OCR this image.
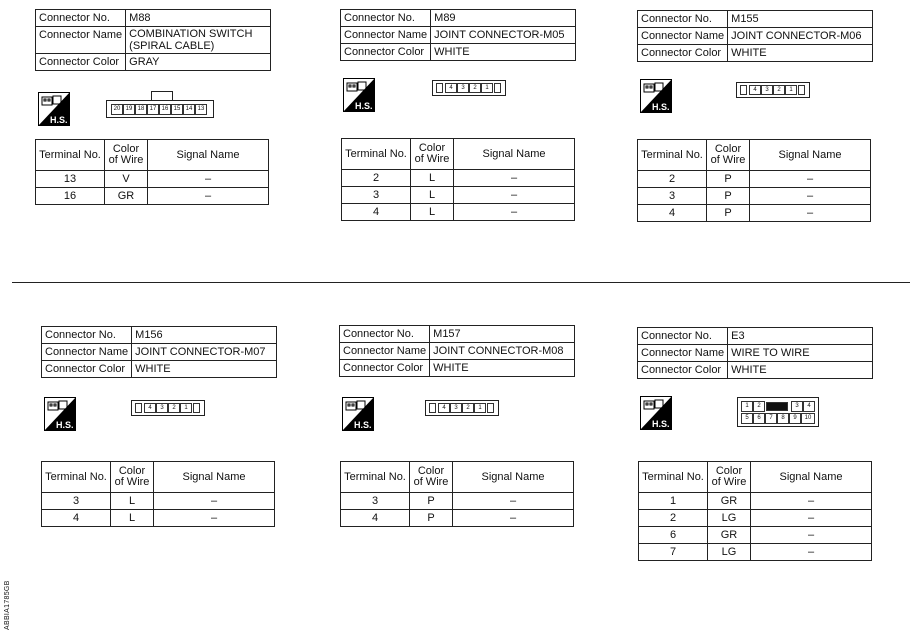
Connector No.	M88
Connector Name	COMBINATION SWITCH (SPIRAL CABLE)
Connector Color	GRAY
H.S.
20 19 18 17 16 15 14 13
Terminal No.	Color of Wire	Signal Name
13	V	–
16	GR	–
Connector No.	M89
Connector Name	JOINT CONNECTOR-M05
Connector Color	WHITE
H.S.
4	3	2	1
Terminal No.	Color of Wire	Signal Name
2	L	–
3	L	–
4	L	–
Connector No.	M155
Connector Name	JOINT CONNECTOR-M06
Connector Color	WHITE
H.S.
4	3	2	1
Terminal No.	Color of Wire	Signal Name
2	P	–
3	P	–
4	P	–
Connector No.	M156
Connector Name	JOINT CONNECTOR-M07
Connector Color	WHITE
H.S.
4	3	2	1
Terminal No.	Color of Wire	Signal Name
3	L	–
4	L	–
Connector No.	M157
Connector Name	JOINT CONNECTOR-M08
Connector Color	WHITE
H.S.
4	3	2	1
Terminal No.	Color of Wire	Signal Name
3	P	–
4	P	–
Connector No.	E3
Connector Name	WIRE TO WIRE
Connector Color	WHITE
H.S.
1	2	3	4
5	6	7	8	9	10
Terminal No.	Color of Wire	Signal Name
1	GR	–
2	LG	–
6	GR	–
7	LG	–
ABBIA1785GB
